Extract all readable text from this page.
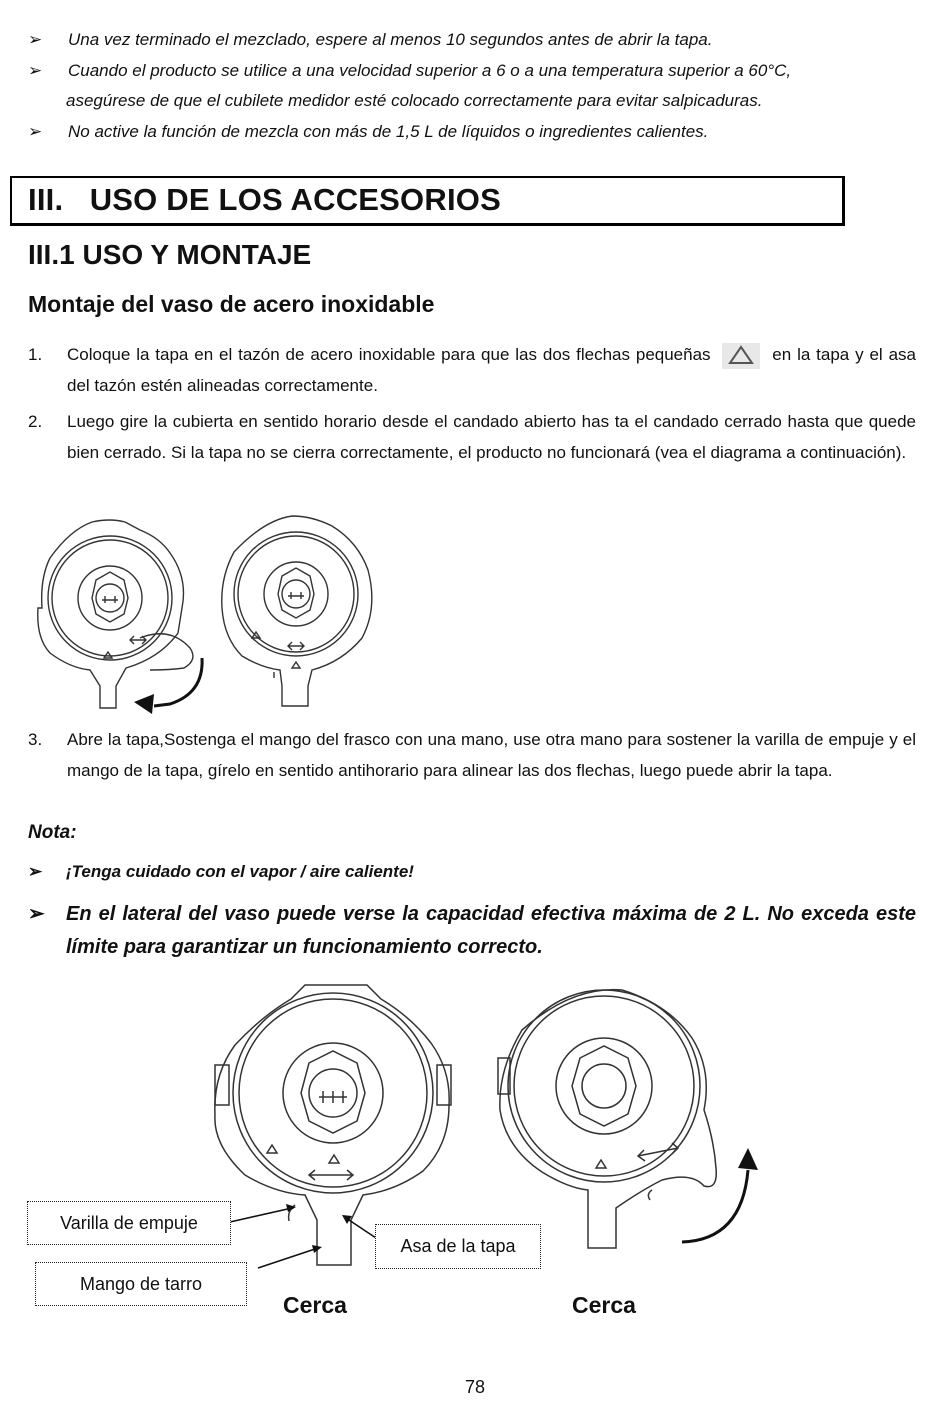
➢	Una vez terminado el mezclado, espere al menos 10 segundos antes de abrir la tapa.
➢	Cuando el producto se utilice a una velocidad superior a 6 o a una temperatura superior a 60°C,
asegúrese de que el cubilete medidor esté colocado correctamente para evitar salpicaduras.
➢	No active la función de mezcla con más de 1,5 L de líquidos o ingredientes calientes.
III.   USO DE LOS ACCESORIOS
III.1 USO Y MONTAJE
Montaje del vaso de acero inoxidable
1. Coloque la tapa en el tazón de acero inoxidable para que las dos flechas pequeñas	en la tapa y el asa del tazón estén alineadas correctamente.
2. Luego gire la cubierta en sentido horario desde el candado abierto has ta el candado cerrado hasta que quede bien cerrado. Si la tapa no se cierra correctamente, el producto no funcionará (vea el diagrama a continuación).
3. Abre la tapa,Sostenga el mango del frasco con una mano, use otra mano para sostener la varilla de empuje y el mango de la tapa, gírelo en sentido antihorario para alinear las dos flechas, luego puede abrir la tapa.
Nota:
➢ ¡Tenga cuidado con el vapor / aire caliente!
➢ En el lateral del vaso puede verse la capacidad efectiva máxima de 2 L. No exceda este límite para garantizar un funcionamiento correcto.
Varilla de empuje
Mango de tarro
Asa de la tapa
Cerca	Cerca
78
